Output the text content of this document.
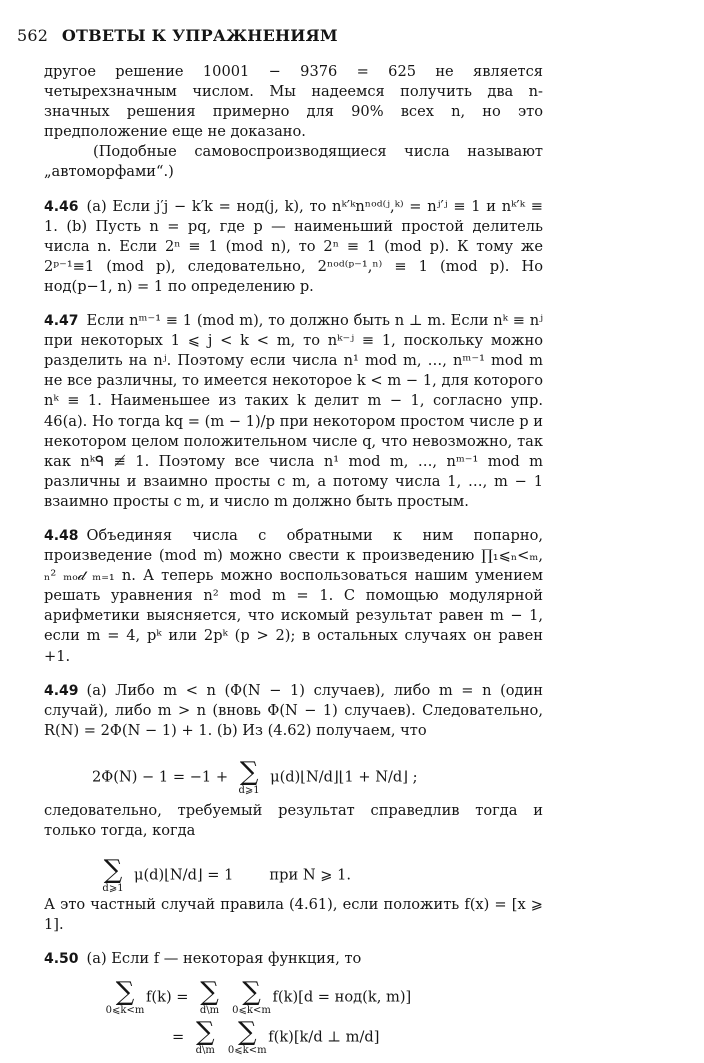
562 ОТВЕТЫ К УПРАЖНЕНИЯМ

другое решение 10001 − 9376 = 625 не является четырехзначным числом. Мы надеемся получить два n-значных решения примерно для 90% всех n, но это предположение еще не доказано.

(Подобные самовоспроизводящиеся числа называют „автоморфами“.)

4.46 (a) Если j′j − k′k = нод(j, k), то nᵏ′ᵏnⁿᵒᵈ⁽ʲ,ᵏ⁾ = nʲ′ʲ ≡ 1 и nᵏ′ᵏ ≡ 1. (b) Пусть n = pq, где p — наименьший простой делитель числа n. Если 2ⁿ ≡ 1 (mod n), то 2ⁿ ≡ 1 (mod p). К тому же 2ᵖ⁻¹≡1 (mod p), следовательно, 2ⁿᵒᵈ⁽ᵖ⁻¹,ⁿ⁾ ≡ 1 (mod p). Но нод(p−1, n) = 1 по определению p.

4.47 Если nᵐ⁻¹ ≡ 1 (mod m), то должно быть n ⊥ m. Если nᵏ ≡ nʲ при некоторых 1 ⩽ j < k < m, то nᵏ⁻ʲ ≡ 1, поскольку можно разделить на nʲ. Поэтому если числа n¹ mod m, …, nᵐ⁻¹ mod m не все различны, то имеется некоторое k < m − 1, для которого nᵏ ≡ 1. Наименьшее из таких k делит m − 1, согласно упр. 46(a). Но тогда kq = (m − 1)/p при некотором простом числе p и некотором целом положительном числе q, что невозможно, так как nᵏᑫ ≢ 1. Поэтому все числа n¹ mod m, …, nᵐ⁻¹ mod m различны и взаимно просты с m, а потому числа 1, …, m − 1 взаимно просты с m, и число m должно быть простым.

4.48 Объединяя числа с обратными к ним попарно, произведение (mod m) можно свести к произведению ∏₁⩽ₙ<ₘ, ₙ² ₘₒ𝒹 ₘ₌₁ n. А теперь можно воспользоваться нашим умением решать уравнения n² mod m = 1. С помощью модулярной арифметики выясняется, что искомый результат равен m − 1, если m = 4, pᵏ или 2pᵏ (p > 2); в остальных случаях он равен +1.

4.49 (a) Либо m < n (Φ(N − 1) случаев), либо m = n (один случай), либо m > n (вновь Φ(N − 1) случаев). Следовательно, R(N) = 2Φ(N − 1) + 1. (b) Из (4.62) получаем, что

2Φ(N) − 1 = −1 + ∑
d⩾1
μ(d)⌊N/d⌋⌊1 + N/d⌋ ;

следовательно, требуемый результат справедлив тогда и только тогда, когда

∑
d⩾1
μ(d)⌊N/d⌋ = 1 при N ⩾ 1.

А это частный случай правила (4.61), если положить f(x) = [x ⩾ 1].

4.50 (a) Если f — некоторая функция, то

∑
0⩽k<m
f(k) = ∑
d\m
∑
0⩽k<m
f(k)[d = нод(k, m)]
= ∑
d\m
∑
0⩽k<m
f(k)[k/d ⊥ m/d]
